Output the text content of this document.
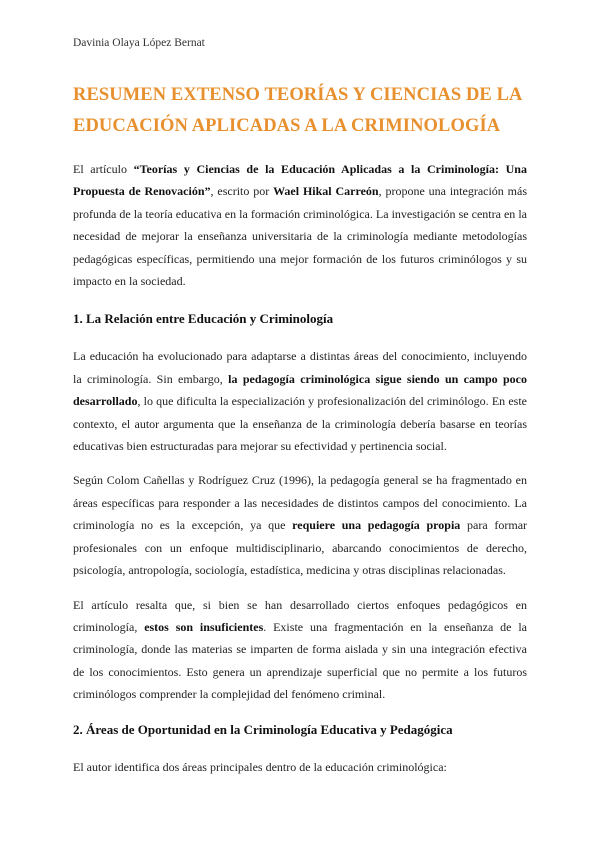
Davinia Olaya López Bernat
RESUMEN EXTENSO TEORÍAS Y CIENCIAS DE LA
EDUCACIÓN APLICADAS A LA CRIMINOLOGÍA

El artículo “Teorías y Ciencias de la Educación Aplicadas a la Criminología: Una Propuesta de Renovación”, escrito por Wael Hikal Carreón, propone una integración más profunda de la teoría educativa en la formación criminológica. La investigación se centra en la necesidad de mejorar la enseñanza universitaria de la criminología mediante metodologías pedagógicas específicas, permitiendo una mejor formación de los futuros criminólogos y su impacto en la sociedad.

1. La Relación entre Educación y Criminología

La educación ha evolucionado para adaptarse a distintas áreas del conocimiento, incluyendo la criminología. Sin embargo, la pedagogía criminológica sigue siendo un campo poco desarrollado, lo que dificulta la especialización y profesionalización del criminólogo. En este contexto, el autor argumenta que la enseñanza de la criminología debería basarse en teorías educativas bien estructuradas para mejorar su efectividad y pertinencia social.

Según Colom Cañellas y Rodríguez Cruz (1996), la pedagogía general se ha fragmentado en áreas específicas para responder a las necesidades de distintos campos del conocimiento. La criminología no es la excepción, ya que requiere una pedagogía propia para formar profesionales con un enfoque multidisciplinario, abarcando conocimientos de derecho, psicología, antropología, sociología, estadística, medicina y otras disciplinas relacionadas.

El artículo resalta que, si bien se han desarrollado ciertos enfoques pedagógicos en criminología, estos son insuficientes. Existe una fragmentación en la enseñanza de la criminología, donde las materias se imparten de forma aislada y sin una integración efectiva de los conocimientos. Esto genera un aprendizaje superficial que no permite a los futuros criminólogos comprender la complejidad del fenómeno criminal.

2. Áreas de Oportunidad en la Criminología Educativa y Pedagógica

El autor identifica dos áreas principales dentro de la educación criminológica:
